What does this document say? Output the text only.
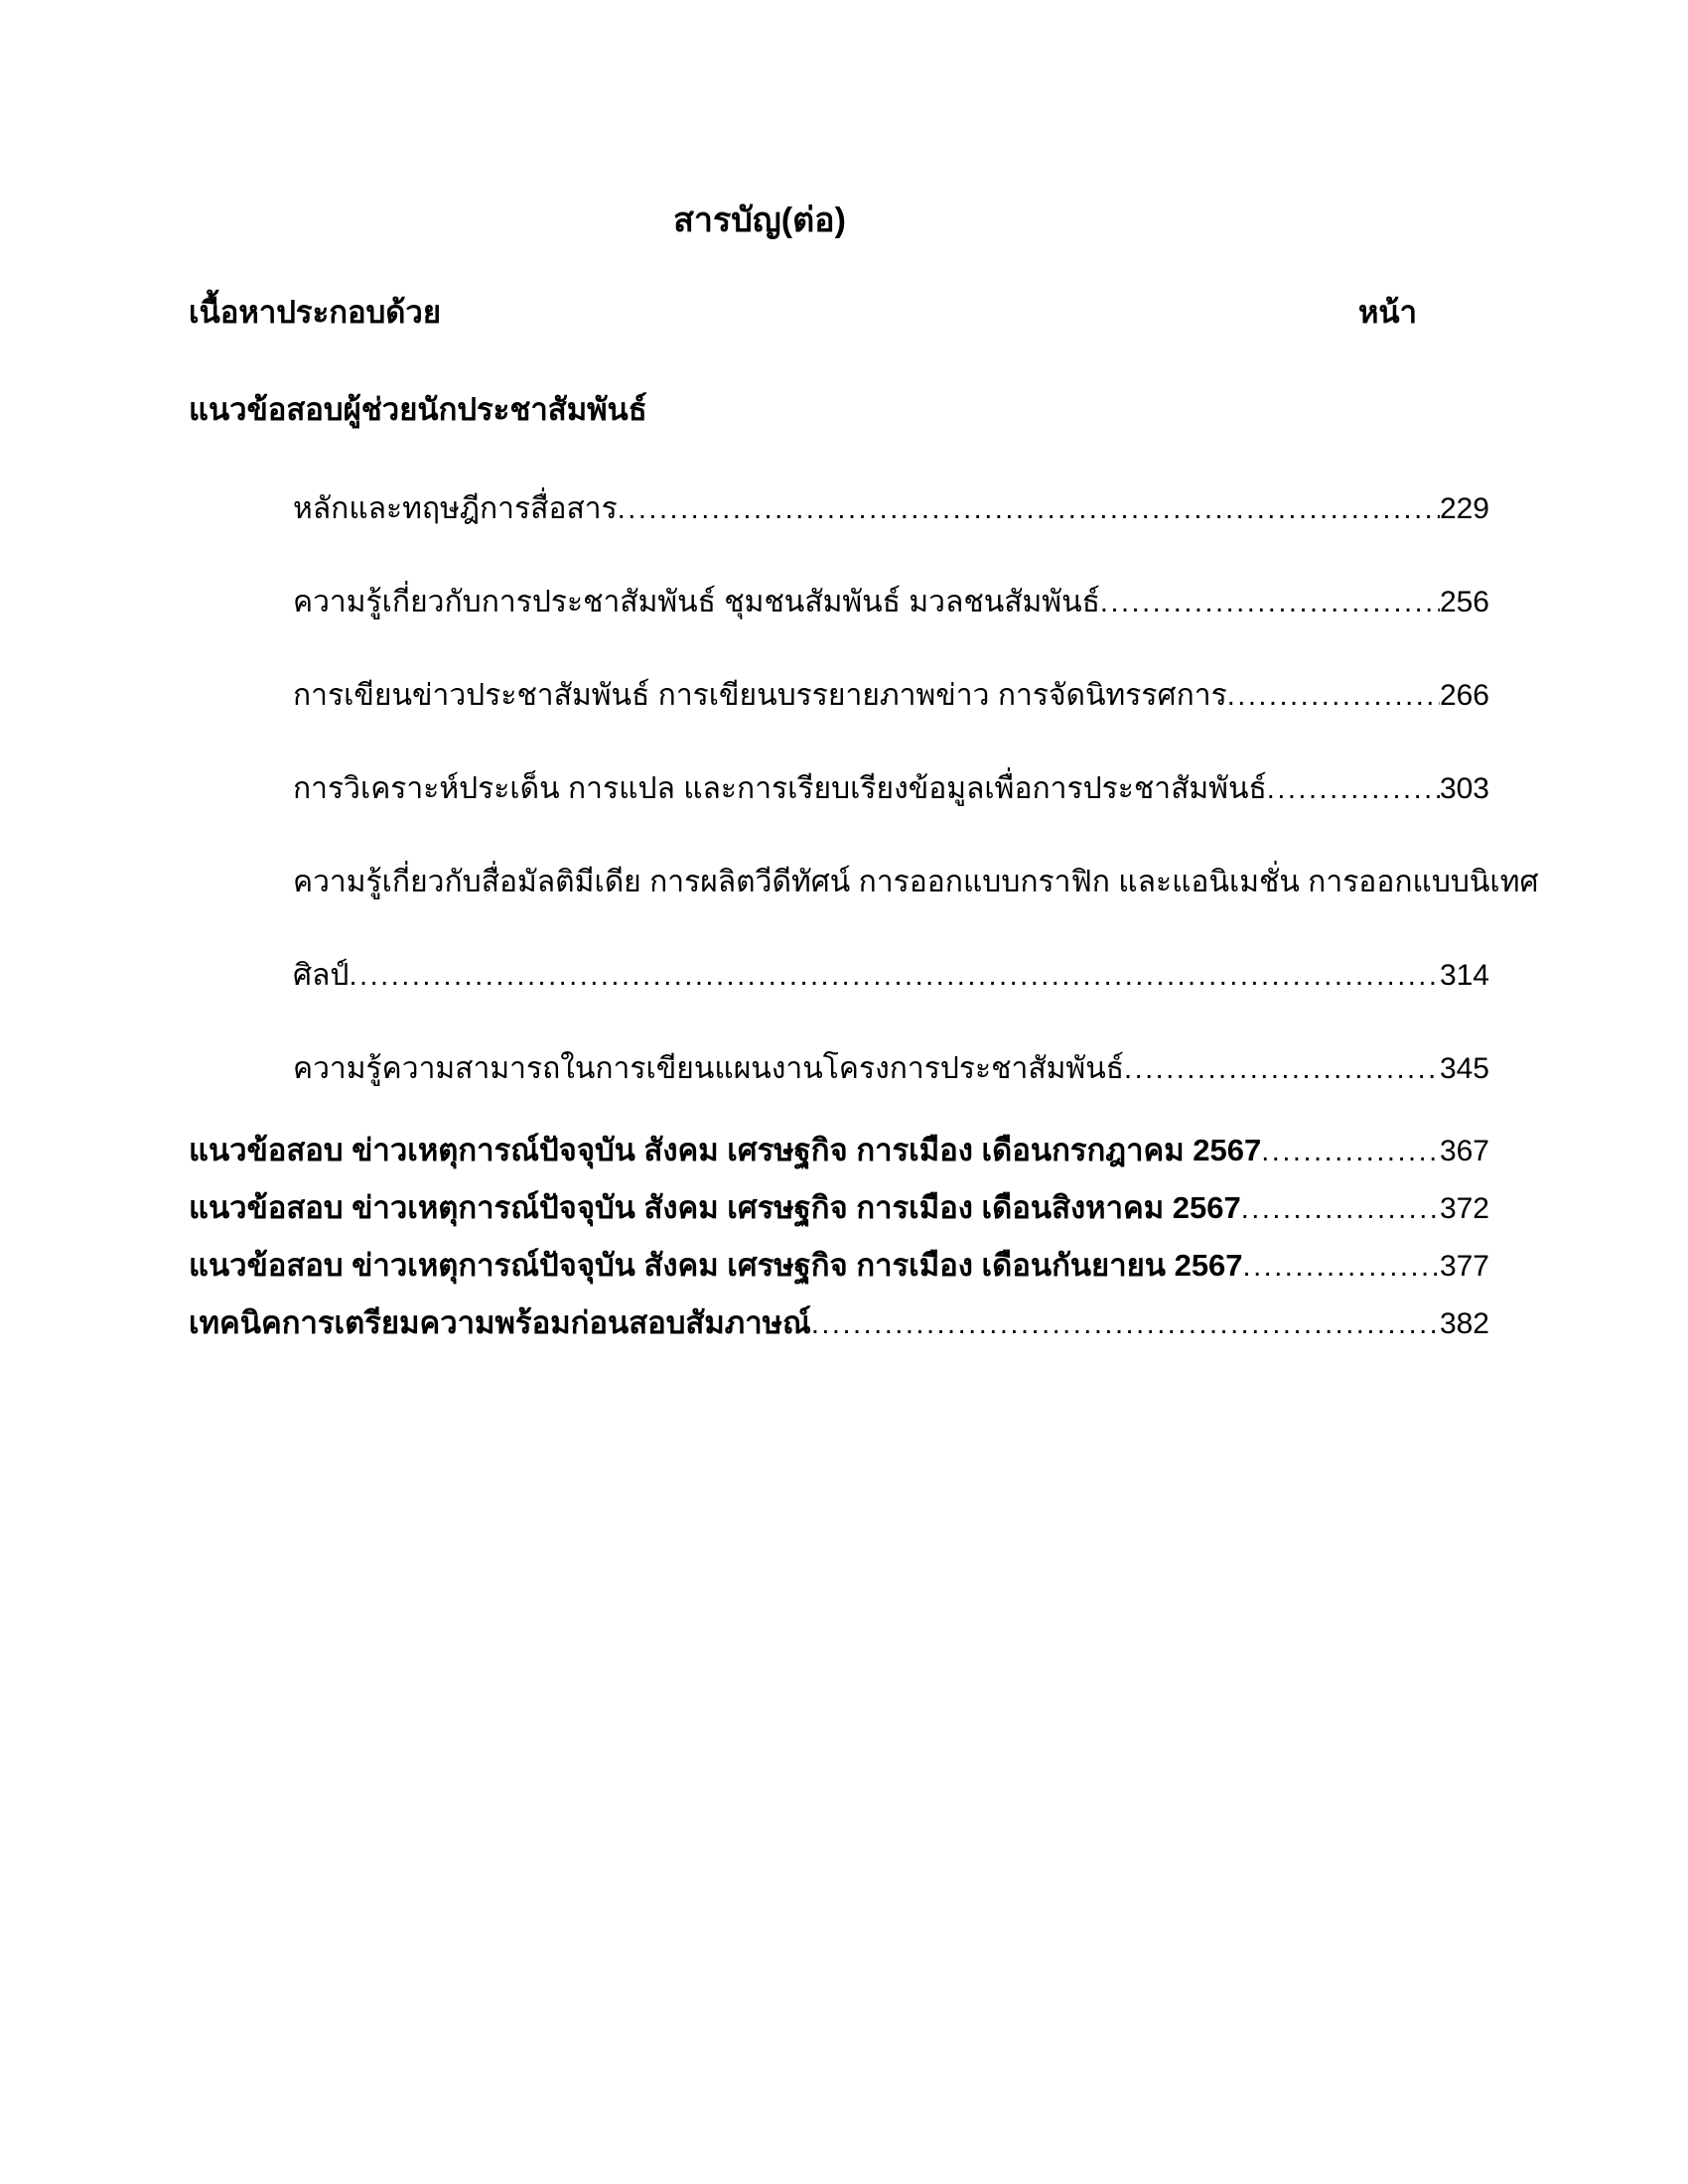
สารบัญ(ต่อ)
เนื้อหาประกอบด้วย	หน้า
แนวข้อสอบผู้ช่วยนักประชาสัมพันธ์
หลักและทฤษฎีการสื่อสาร .....	229
ความรู้เกี่ยวกับการประชาสัมพันธ์ ชุมชนสัมพันธ์ มวลชนสัมพันธ์ .....	256
การเขียนข่าวประชาสัมพันธ์ การเขียนบรรยายภาพข่าว การจัดนิทรรศการ .....	266
การวิเคราะห์ประเด็น การแปล และการเรียบเรียงข้อมูลเพื่อการประชาสัมพันธ์ .....	303
ความรู้เกี่ยวกับสื่อมัลติมีเดีย การผลิตวีดีทัศน์ การออกแบบกราฟิก และแอนิเมชั่น การออกแบบนิเทศ
ศิลป์ .....	314
ความรู้ความสามารถในการเขียนแผนงานโครงการประชาสัมพันธ์ .....	345
แนวข้อสอบ ข่าวเหตุการณ์ปัจจุบัน สังคม เศรษฐกิจ การเมือง เดือนกรกฎาคม 2567 .....	367
แนวข้อสอบ ข่าวเหตุการณ์ปัจจุบัน สังคม เศรษฐกิจ การเมือง เดือนสิงหาคม 2567 .....	372
แนวข้อสอบ ข่าวเหตุการณ์ปัจจุบัน สังคม เศรษฐกิจ การเมือง เดือนกันยายน 2567 .....	377
เทคนิคการเตรียมความพร้อมก่อนสอบสัมภาษณ์ .....	382
